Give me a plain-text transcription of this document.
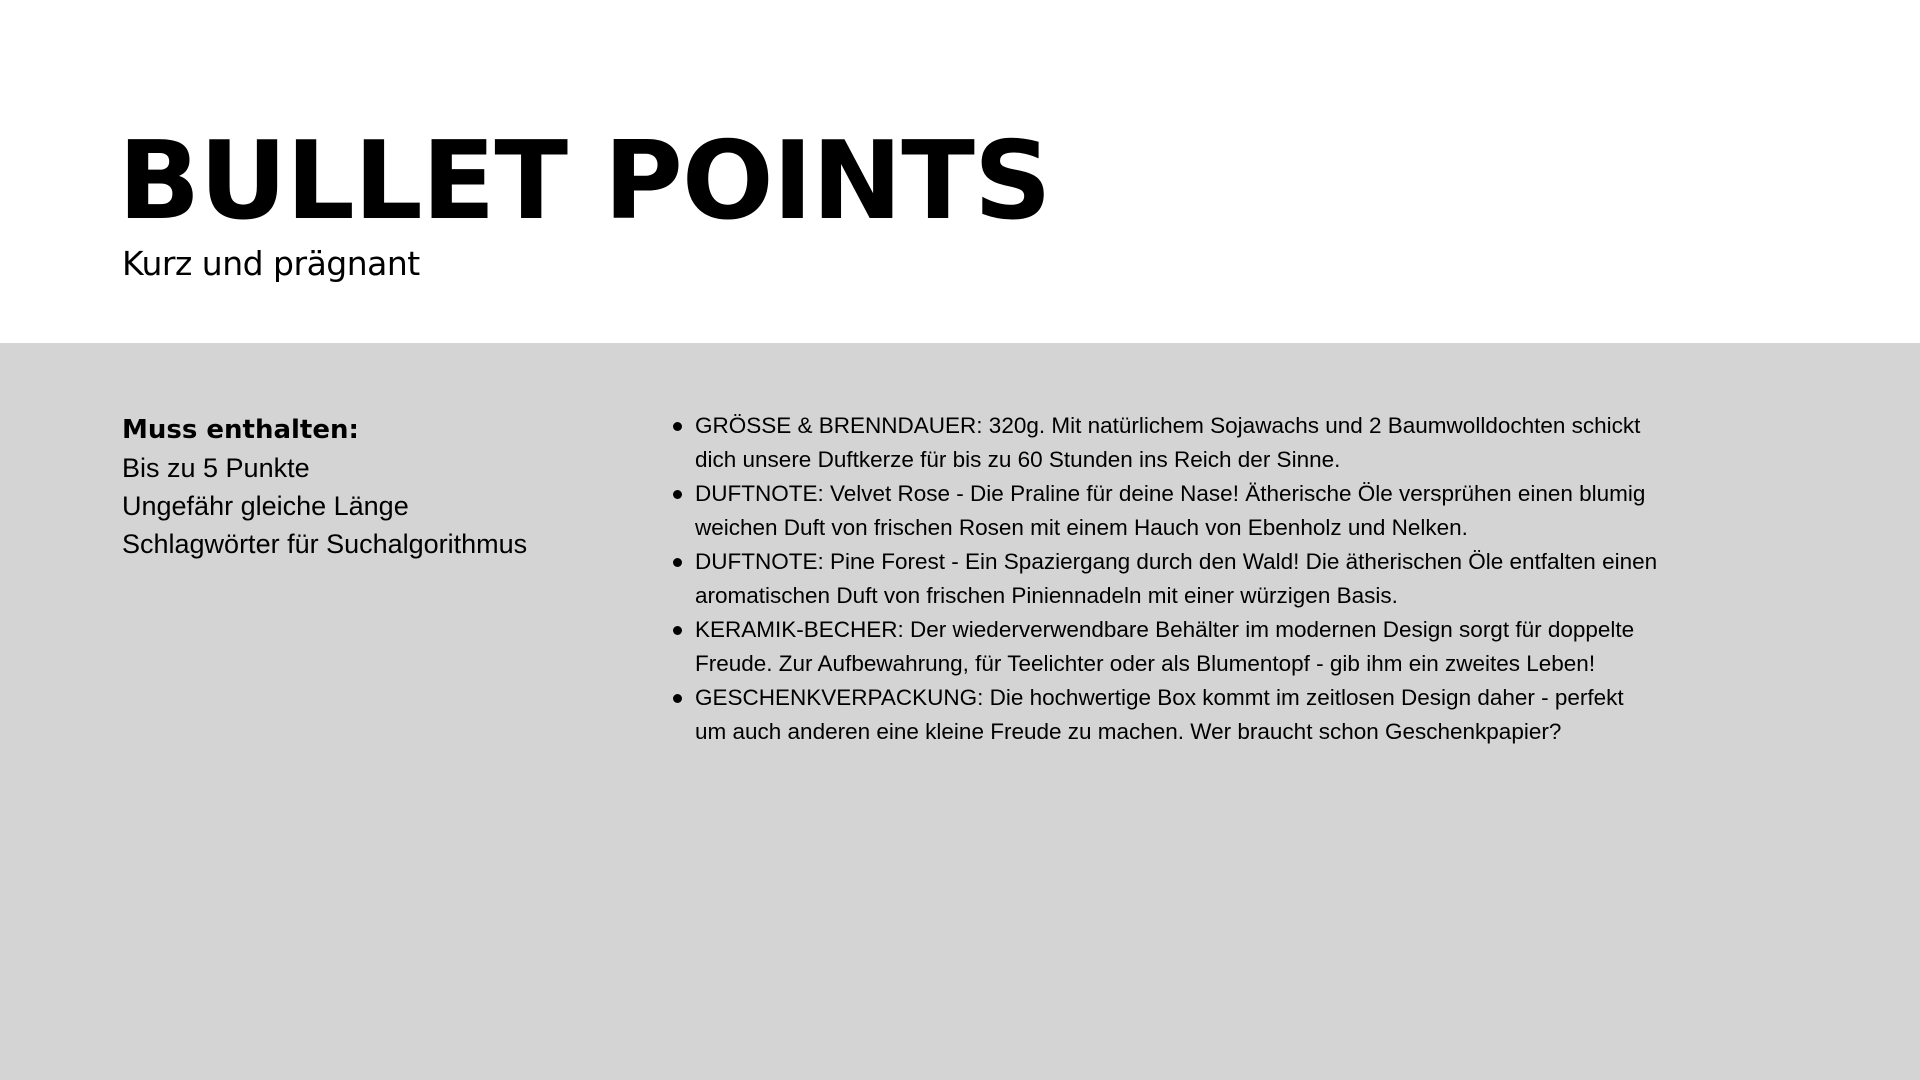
BULLET POINTS

Kurz und prägnant

Muss enthalten:

Bis zu 5 Punkte

Ungefähr gleiche Länge

Schlagwörter für Suchalgorithmus

GRÖSSE & BRENNDAUER: 320g. Mit natürlichem Sojawachs und 2 Baumwolldochten schickt
dich unsere Duftkerze für bis zu 60 Stunden ins Reich der Sinne.
DUFTNOTE: Velvet Rose - Die Praline für deine Nase! Ätherische Öle versprühen einen blumig
weichen Duft von frischen Rosen mit einem Hauch von Ebenholz und Nelken.
DUFTNOTE: Pine Forest - Ein Spaziergang durch den Wald! Die ätherischen Öle entfalten einen
aromatischen Duft von frischen Piniennadeln mit einer würzigen Basis.
KERAMIK-BECHER: Der wiederverwendbare Behälter im modernen Design sorgt für doppelte
Freude. Zur Aufbewahrung, für Teelichter oder als Blumentopf - gib ihm ein zweites Leben!
GESCHENKVERPACKUNG: Die hochwertige Box kommt im zeitlosen Design daher - perfekt
um auch anderen eine kleine Freude zu machen. Wer braucht schon Geschenkpapier?
